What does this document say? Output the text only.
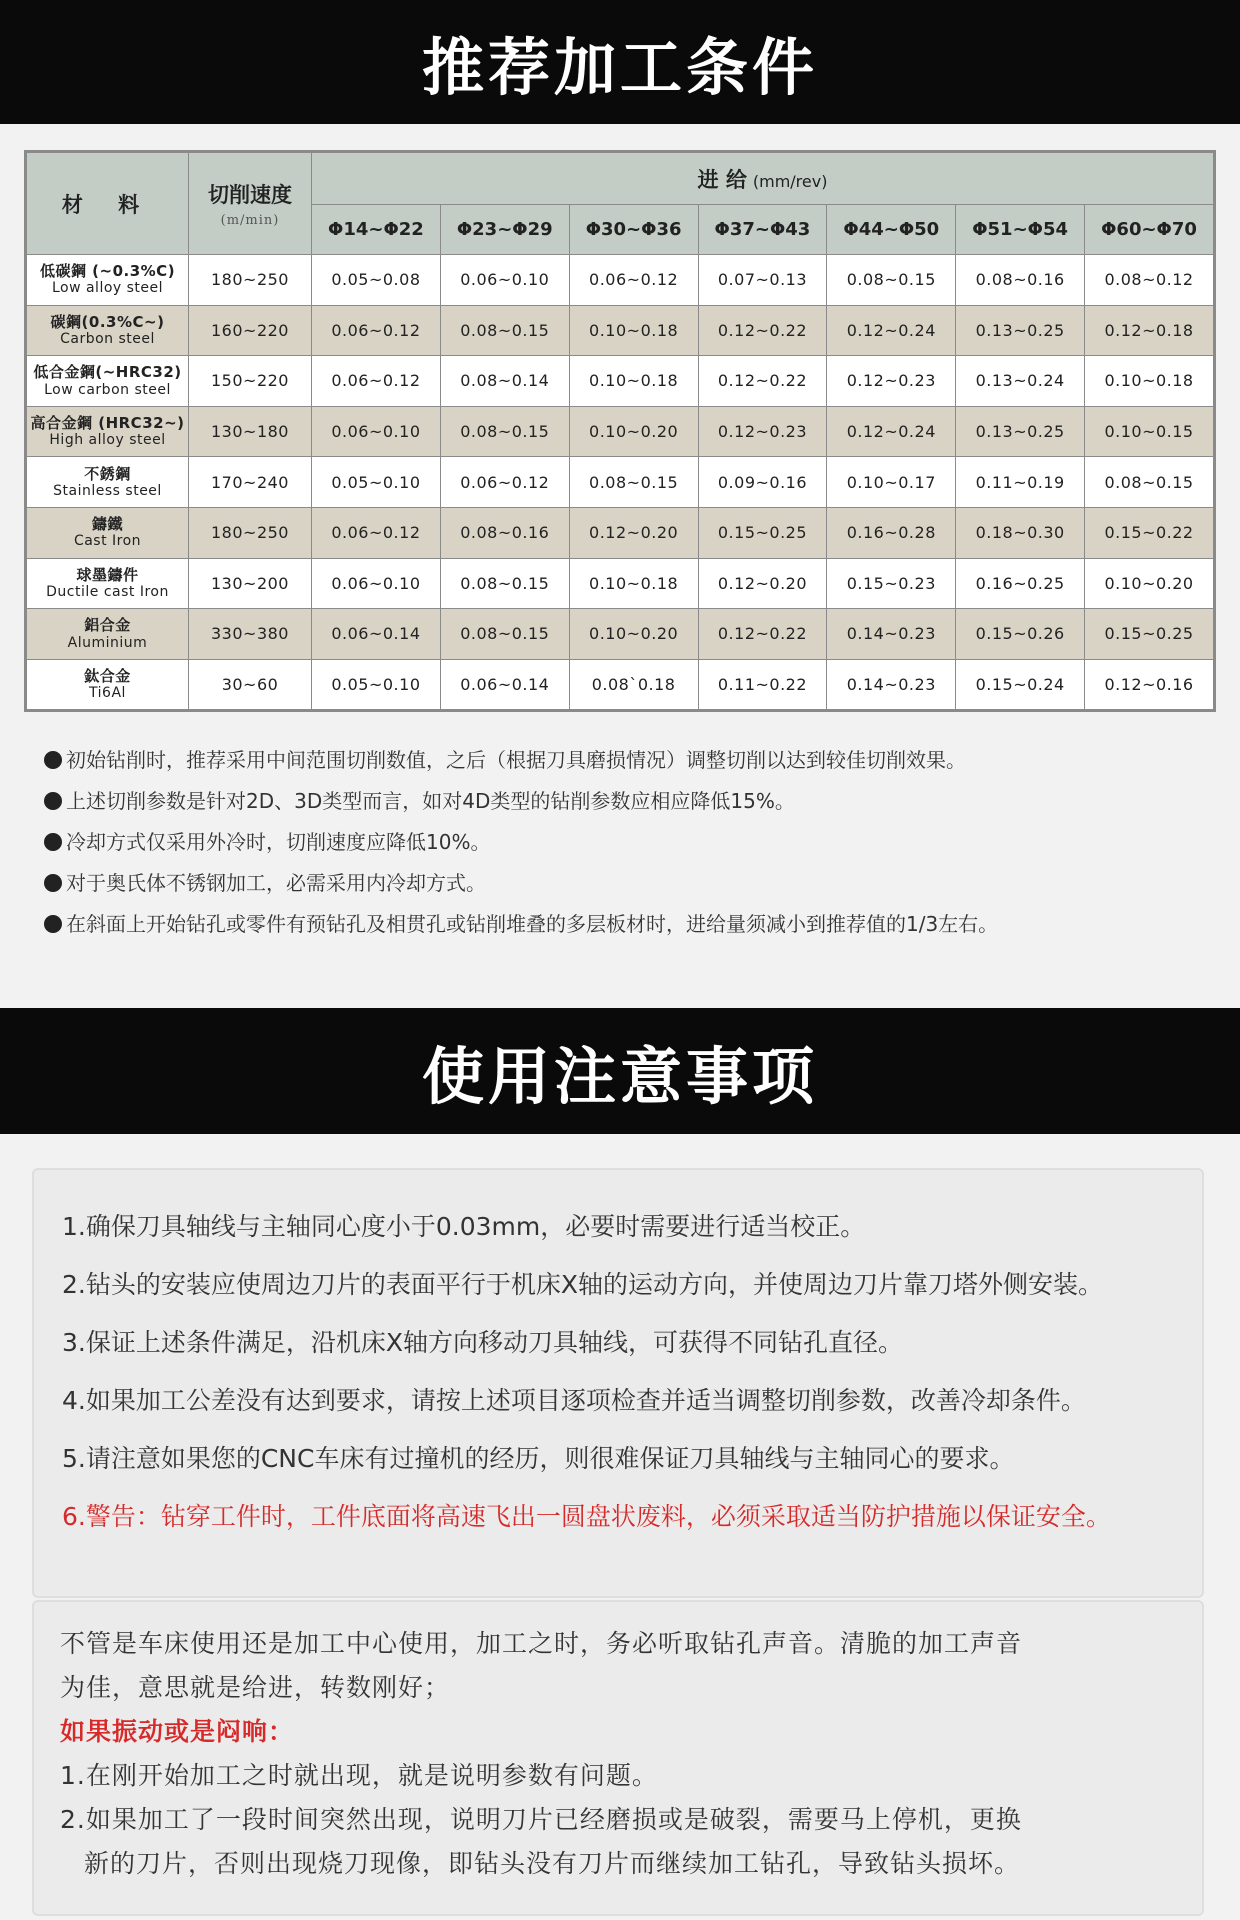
推荐加工条件
材 料	切削速度
(m/min)	进 给 (mm/rev)						
		Φ14~Φ22	Φ23~Φ29	Φ30~Φ36	Φ37~Φ43	Φ44~Φ50	Φ51~Φ54	Φ60~Φ70

低碳鋼 (~0.3%C)
Low alloy steel	180~250	0.05~0.08	0.06~0.10	0.06~0.12	0.07~0.13	0.08~0.15	0.08~0.16	0.08~0.12

碳鋼(0.3%C~)
Carbon steel	160~220	0.06~0.12	0.08~0.15	0.10~0.18	0.12~0.22	0.12~0.24	0.13~0.25	0.12~0.18

低合金鋼(~HRC32)
Low carbon steel	150~220	0.06~0.12	0.08~0.14	0.10~0.18	0.12~0.22	0.12~0.23	0.13~0.24	0.10~0.18

高合金鋼 (HRC32~)
High alloy steel	130~180	0.06~0.10	0.08~0.15	0.10~0.20	0.12~0.23	0.12~0.24	0.13~0.25	0.10~0.15

不銹鋼
Stainless steel	170~240	0.05~0.10	0.06~0.12	0.08~0.15	0.09~0.16	0.10~0.17	0.11~0.19	0.08~0.15

鑄鐵
Cast Iron	180~250	0.06~0.12	0.08~0.16	0.12~0.20	0.15~0.25	0.16~0.28	0.18~0.30	0.15~0.22

球墨鑄件
Ductile cast Iron	130~200	0.06~0.10	0.08~0.15	0.10~0.18	0.12~0.20	0.15~0.23	0.16~0.25	0.10~0.20

鋁合金
Aluminium	330~380	0.06~0.14	0.08~0.15	0.10~0.20	0.12~0.22	0.14~0.23	0.15~0.26	0.15~0.25

鈦合金
Ti6Al	30~60	0.05~0.10	0.06~0.14	0.08`0.18	0.11~0.22	0.14~0.23	0.15~0.24	0.12~0.16
初始钻削时，推荐采用中间范围切削数值，之后（根据刀具磨损情况）调整切削以达到较佳切削效果。
上述切削参数是针对2D、3D类型而言，如对4D类型的钻削参数应相应降低15%。
冷却方式仅采用外冷时，切削速度应降低10%。
对于奥氏体不锈钢加工，必需采用内冷却方式。
在斜面上开始钻孔或零件有预钻孔及相贯孔或钻削堆叠的多层板材时，进给量须减小到推荐值的1/3左右。
使用注意事项
1.确保刀具轴线与主轴同心度小于0.03mm，必要时需要进行适当校正。
2.钻头的安装应使周边刀片的表面平行于机床X轴的运动方向，并使周边刀片靠刀塔外侧安装。
3.保证上述条件满足，沿机床X轴方向移动刀具轴线，可获得不同钻孔直径。
4.如果加工公差没有达到要求，请按上述项目逐项检查并适当调整切削参数，改善冷却条件。
5.请注意如果您的CNC车床有过撞机的经历，则很难保证刀具轴线与主轴同心的要求。
6.警告：钻穿工件时，工件底面将高速飞出一圆盘状废料，必须采取适当防护措施以保证安全。
不管是车床使用还是加工中心使用，加工之时，务必听取钻孔声音。清脆的加工声音
为佳，意思就是给进，转数刚好；
如果振动或是闷响：
1.在刚开始加工之时就出现，就是说明参数有问题。
2.如果加工了一段时间突然出现，说明刀片已经磨损或是破裂，需要马上停机，更换
新的刀片，否则出现烧刀现像，即钻头没有刀片而继续加工钻孔，导致钻头损坏。
